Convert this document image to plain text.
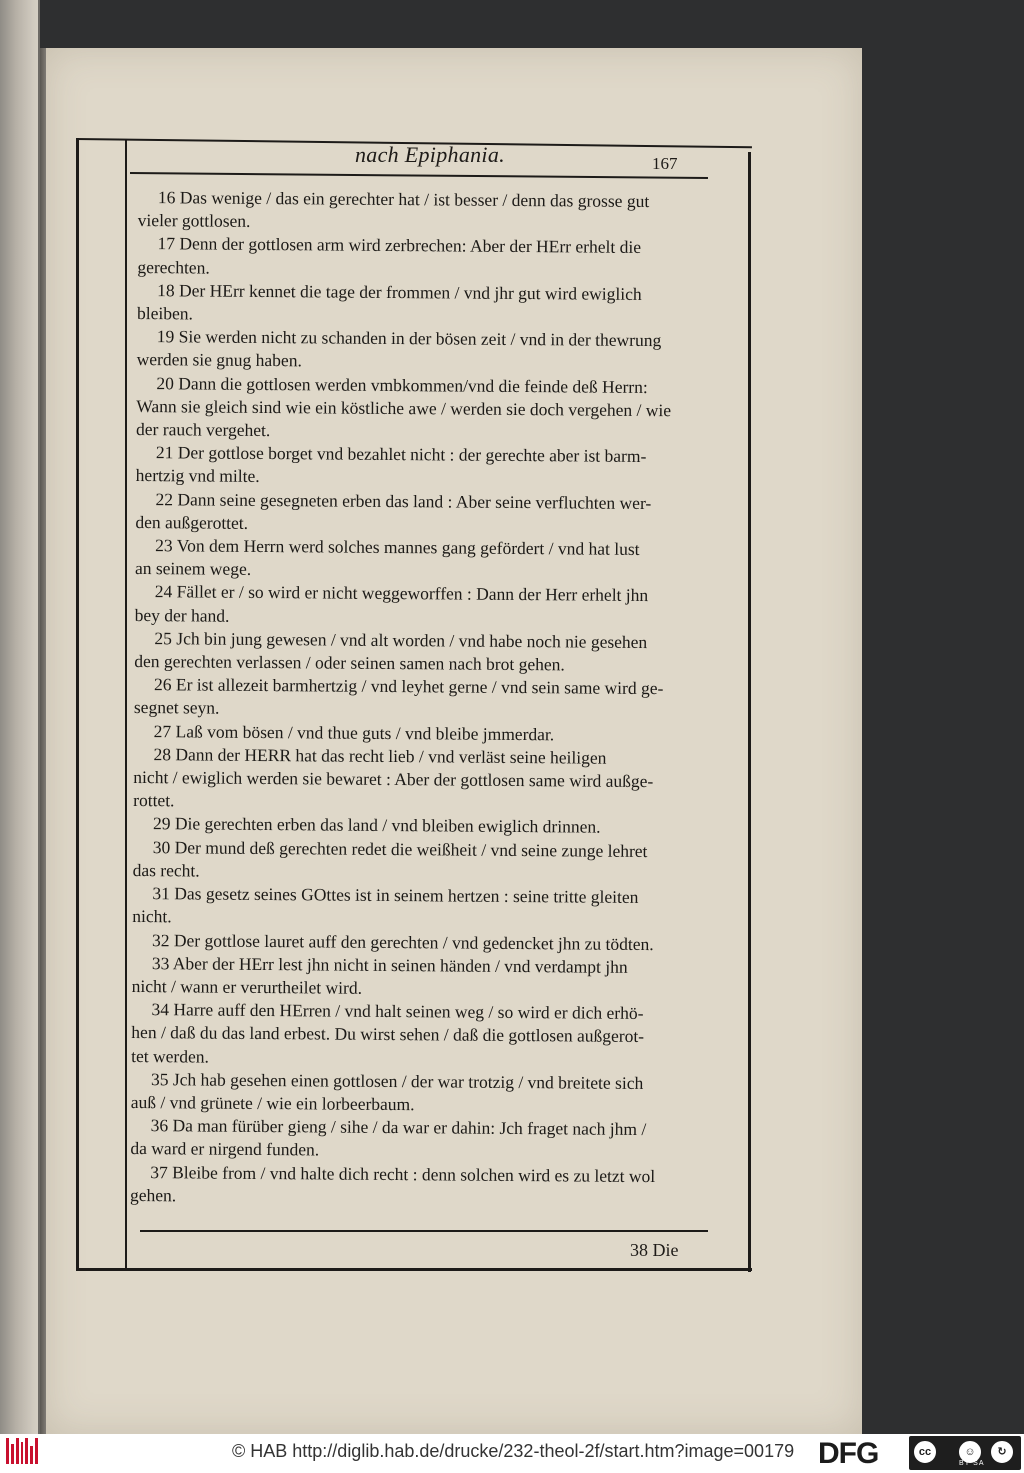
nach Epiphania.	167
16 Das wenige / das ein gerechter hat / ist besser / denn das grosse gut
vieler gottlosen.
17 Denn der gottlosen arm wird zerbrechen: Aber der HErr erhelt die
gerechten.
18 Der HErr kennet die tage der frommen / vnd jhr gut wird ewiglich
bleiben.
19 Sie werden nicht zu schanden in der bösen zeit / vnd in der thewrung
werden sie gnug haben.
20 Dann die gottlosen werden vmbkommen/vnd die feinde deß Herrn:
Wann sie gleich sind wie ein köstliche awe / werden sie doch vergehen / wie
der rauch vergehet.
21 Der gottlose borget vnd bezahlet nicht : der gerechte aber ist barm-
hertzig vnd milte.
22 Dann seine gesegneten erben das land : Aber seine verfluchten wer-
den außgerottet.
23 Von dem Herrn werd solches mannes gang gefördert / vnd hat lust
an seinem wege.
24 Fället er / so wird er nicht weggeworffen : Dann der Herr erhelt jhn
bey der hand.
25 Jch bin jung gewesen / vnd alt worden / vnd habe noch nie gesehen
den gerechten verlassen / oder seinen samen nach brot gehen.
26 Er ist allezeit barmhertzig / vnd leyhet gerne / vnd sein same wird ge-
segnet seyn.
27 Laß vom bösen / vnd thue guts / vnd bleibe jmmerdar.
28 Dann der HERR hat das recht lieb / vnd verläst seine heiligen
nicht / ewiglich werden sie bewaret : Aber der gottlosen same wird außge-
rottet.
29 Die gerechten erben das land / vnd bleiben ewiglich drinnen.
30 Der mund deß gerechten redet die weißheit / vnd seine zunge lehret
das recht.
31 Das gesetz seines GOttes ist in seinem hertzen : seine tritte gleiten
nicht.
32 Der gottlose lauret auff den gerechten / vnd gedencket jhn zu tödten.
33 Aber der HErr lest jhn nicht in seinen händen / vnd verdampt jhn
nicht / wann er verurtheilet wird.
34 Harre auff den HErren / vnd halt seinen weg / so wird er dich erhö-
hen / daß du das land erbest. Du wirst sehen / daß die gottlosen außgerot-
tet werden.
35 Jch hab gesehen einen gottlosen / der war trotzig / vnd breitete sich
auß / vnd grünete / wie ein lorbeerbaum.
36 Da man fürüber gieng / sihe / da war er dahin: Jch fraget nach jhm /
da ward er nirgend funden.
37 Bleibe from / vnd halte dich recht : denn solchen wird es zu letzt wol
gehen.
38 Die
© HAB http://diglib.hab.de/drucke/232-theol-2f/start.htm?image=00179 DFG	cc	☺	↻
BY SA
